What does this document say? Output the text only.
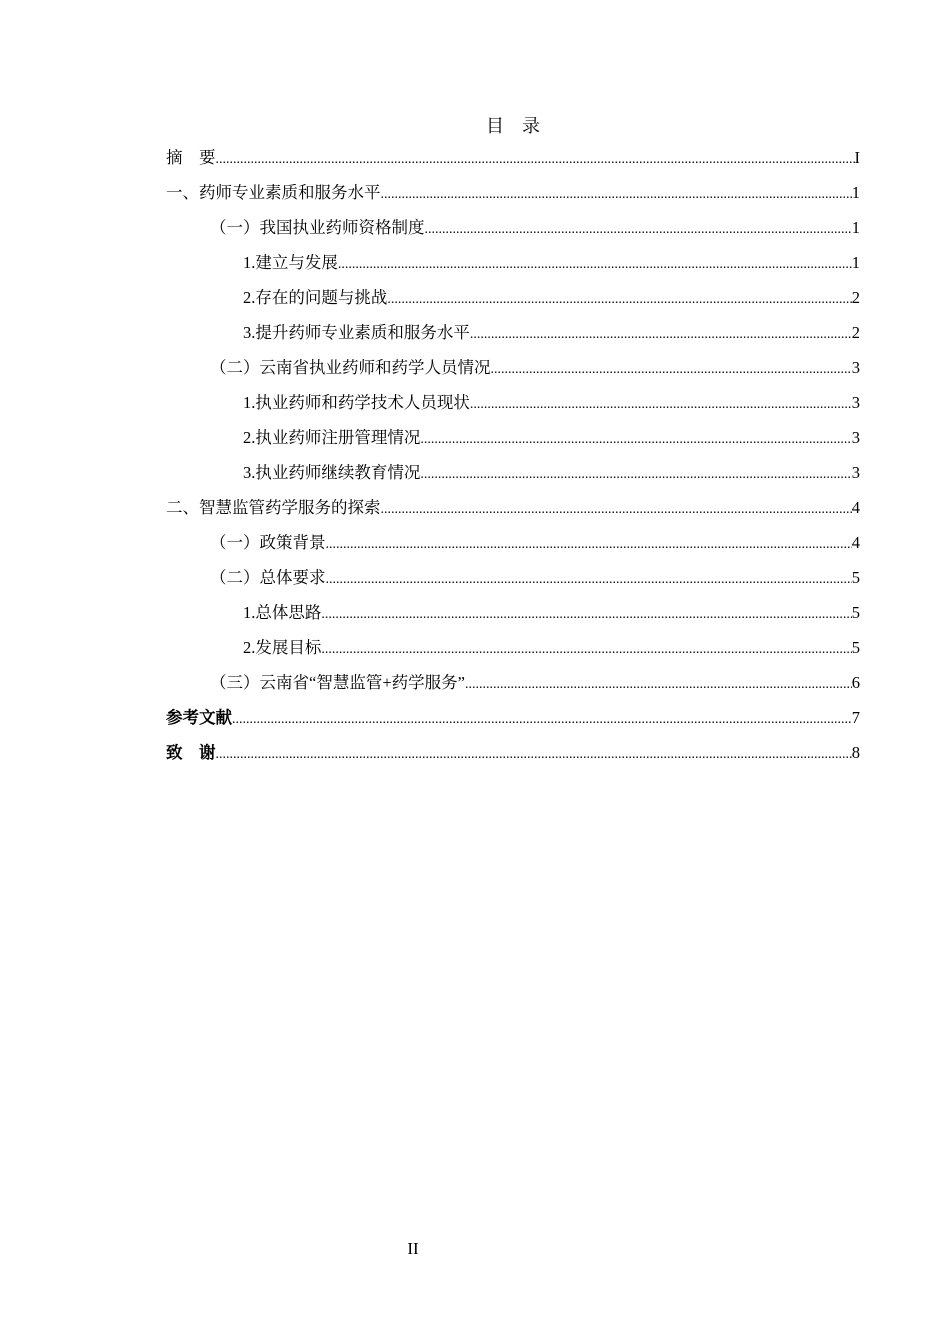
目    录
摘    要 .....	I
一、药师专业素质和服务水平 .....	1
（一）我国执业药师资格制度 .....	1
1.建立与发展 .....	1
2.存在的问题与挑战 .....	2
3.提升药师专业素质和服务水平 .....	2
（二）云南省执业药师和药学人员情况 .....	3
1.执业药师和药学技术人员现状 .....	3
2.执业药师注册管理情况 .....	3
3.执业药师继续教育情况 .....	3
二、智慧监管药学服务的探索 .....	4
（一）政策背景 .....	4
（二）总体要求 .....	5
1.总体思路 .....	5
2.发展目标 .....	5
（三）云南省“智慧监管+药学服务” .....	6
参考文献 .....	7
致    谢 .....	8
II
